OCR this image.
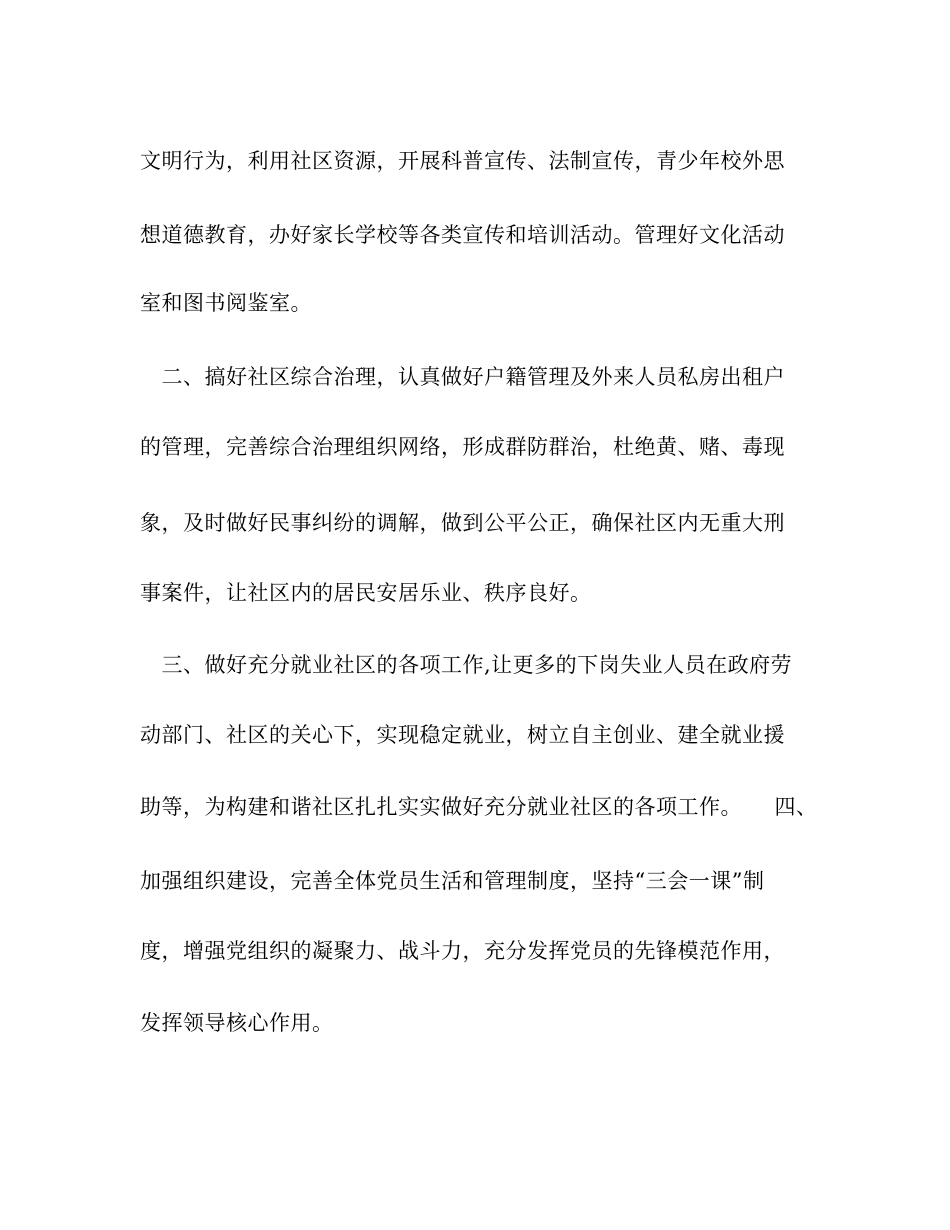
文明行为，利用社区资源，开展科普宣传、法制宣传，青少年校外思
想道德教育，办好家长学校等各类宣传和培训活动。管理好文化活动
室和图书阅鉴室。
　二、搞好社区综合治理，认真做好户籍管理及外来人员私房出租户
的管理，完善综合治理组织网络，形成群防群治，杜绝黄、赌、毒现
象，及时做好民事纠纷的调解，做到公平公正，确保社区内无重大刑
事案件，让社区内的居民安居乐业、秩序良好。
　三、做好充分就业社区的各项工作,让更多的下岗失业人员在政府劳
动部门、社区的关心下，实现稳定就业，树立自主创业、建全就业援
助等，为构建和谐社区扎扎实实做好充分就业社区的各项工作。　　四、
加强组织建设，完善全体党员生活和管理制度，坚持“三会一课”制
度，增强党组织的凝聚力、战斗力，充分发挥党员的先锋模范作用，
发挥领导核心作用。
